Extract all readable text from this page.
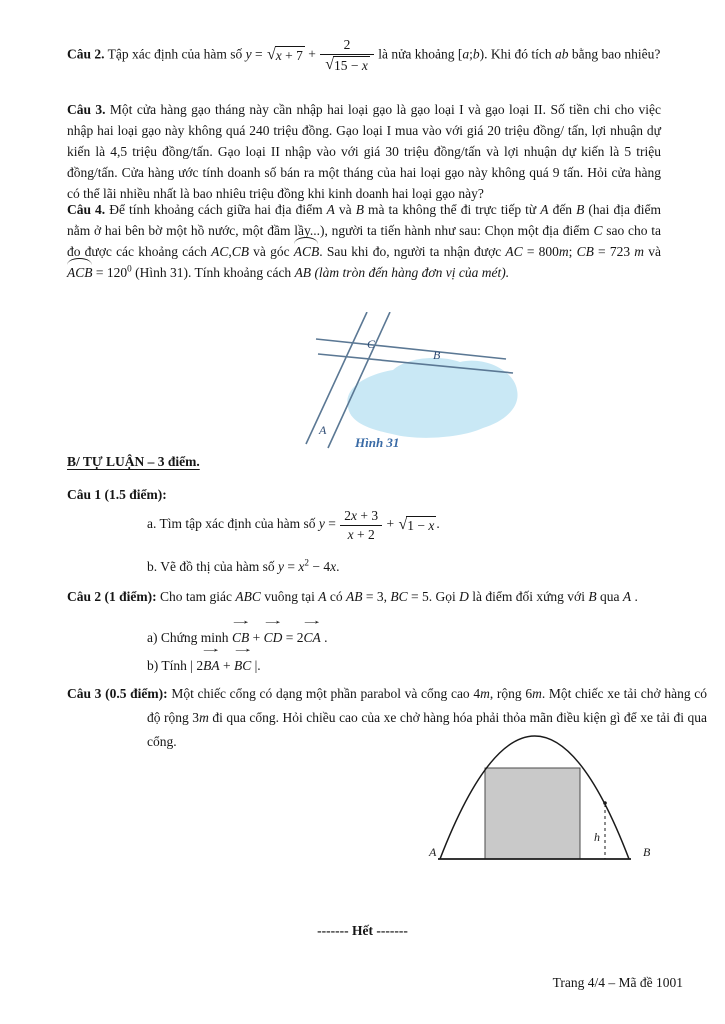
Câu 2. Tập xác định của hàm số $y = √x + 7 + \frac{2}{√15 - x}$ là nửa khoảng [a;b). Khi đó tích ab bằng bao nhiêu?
Câu 3. Một cửa hàng gạo tháng này cần nhập hai loại gạo là gạo loại I và gạo loại II. Số tiền chi cho việc nhập hai loại gạo này không quá 240 triệu đồng. Gạo loại I mua vào với giá 20 triệu đồng/ tấn, lợi nhuận dự kiến là 4,5 triệu đồng/tấn. Gạo loại II nhập vào với giá 30 triệu đồng/tấn và lợi nhuận dự kiến là 5 triệu đồng/tấn. Cửa hàng ước tính doanh số bán ra một tháng của hai loại gạo này không quá 9 tấn. Hỏi cửa hàng có thể lãi nhiều nhất là bao nhiêu triệu đồng khi kinh doanh hai loại gạo này?
Câu 4. Để tính khoảng cách giữa hai địa điểm A và B mà ta không thể đi trực tiếp từ A đến B (hai địa điểm nằm ở hai bên bờ một hồ nước, một đầm lầy...), người ta tiến hành như sau: Chọn một địa điểm C sao cho ta đo được các khoảng cách AC,CB và góc ACB. Sau khi đo, người ta nhận được AC = 800m; CB = 723 m và ACB = $120^0$ (Hình 31). Tính khoảng cách AB (làm tròn đến hàng đơn vị của mét).
C
B
A
Hình 31
B/ TỰ LUẬN – 3 điểm.
Câu 1 (1.5 điểm):
a. Tìm tập xác định của hàm số $y = \frac{2x + 3}{x + 2} + √1 - x$ .
b. Vẽ đồ thị của hàm số $y = x^2 - 4x$.
Câu 2 (1 điểm): Cho tam giác ABC vuông tại A có AB = 3, BC = 5. Gọi D là điểm đối xứng với B qua A .
a) Chứng minh CB
→
+ CD
→
= 2CA
→
.
b) Tính | 2BA
→
+ BC
→
|.
Câu 3 (0.5 điểm): Một chiếc cổng có dạng một phần parabol và cổng cao 4m, rộng 6m. Một chiếc xe tải chở hàng có độ rộng 3m đi qua cổng. Hỏi chiều cao của xe chở hàng hóa phải thỏa mãn điều kiện gì để xe tải đi qua cổng.
A	B
h
------- Hết -------
Trang 4/4 – Mã đề 1001
